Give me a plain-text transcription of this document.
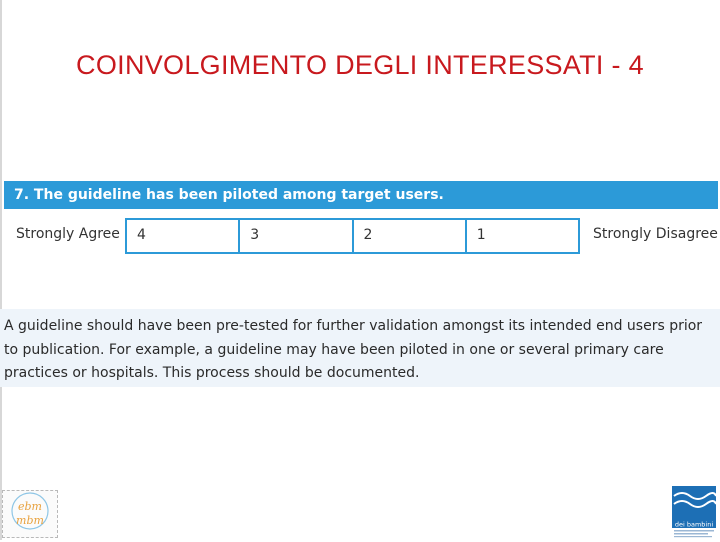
COINVOLGIMENTO DEGLI INTERESSATI - 4
7. The guideline has been piloted among target users.
Strongly Agree	4	3	2	1	Strongly Disagree
A guideline should have been pre-tested for further validation amongst its intended end users prior to publication. For example, a guideline may have been piloted in one or several primary care practices or hospitals. This process should be documented.
ebm
mbm	dei bambini
